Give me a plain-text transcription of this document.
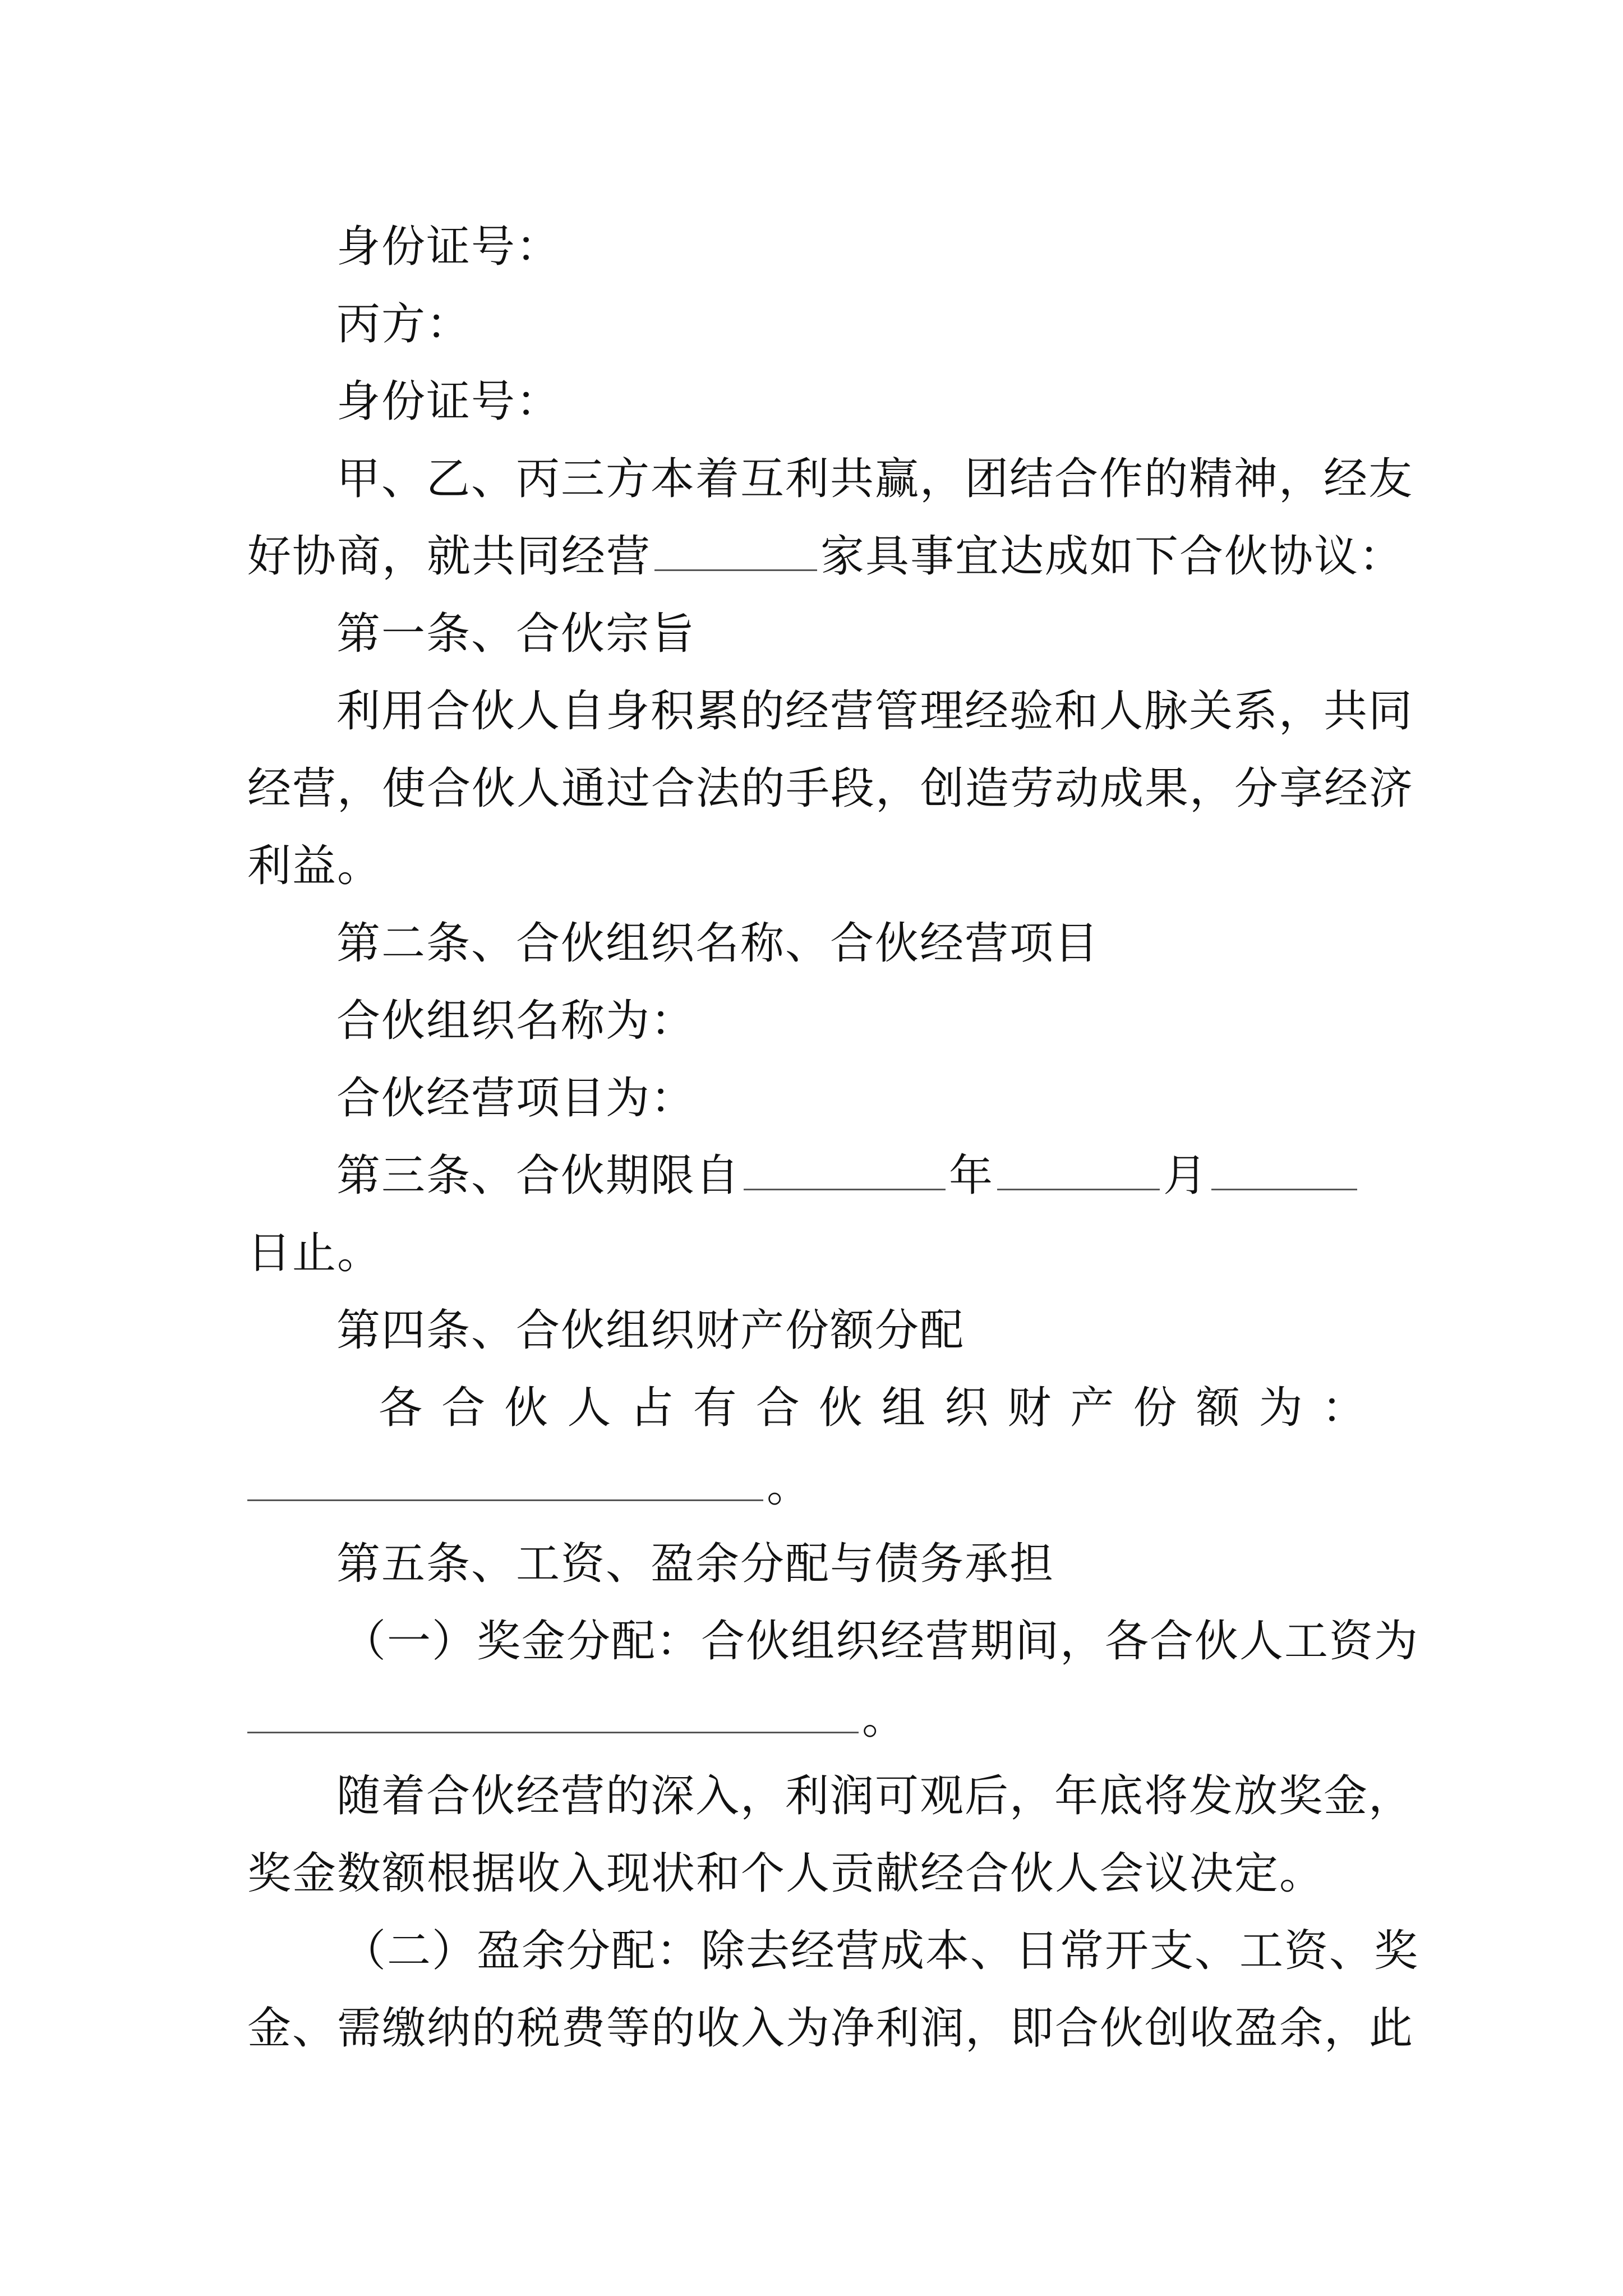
身份证号：
丙方：
身份证号：
甲、乙、丙三方本着互利共赢，团结合作的精神，经友
好协商，就共同经营	家具事宜达成如下合伙协议：
第一条、合伙宗旨
利用合伙人自身积累的经营管理经验和人脉关系，共同
经营，使合伙人通过合法的手段，创造劳动成果，分享经济
利益。
第二条、合伙组织名称、合伙经营项目
合伙组织名称为：
合伙经营项目为：
第三条、合伙期限自	年	月
日止。
第四条、合伙组织财产份额分配
各 合 伙 人 占 有 合 伙 组 织 财 产 份 额 为 ：
。
第五条、工资、盈余分配与债务承担
（一）奖金分配：合伙组织经营期间，各合伙人工资为
。
随着合伙经营的深入，利润可观后，年底将发放奖金，
奖金数额根据收入现状和个人贡献经合伙人会议决定。
（二）盈余分配：除去经营成本、日常开支、工资、奖
金、需缴纳的税费等的收入为净利润，即合伙创收盈余，此
